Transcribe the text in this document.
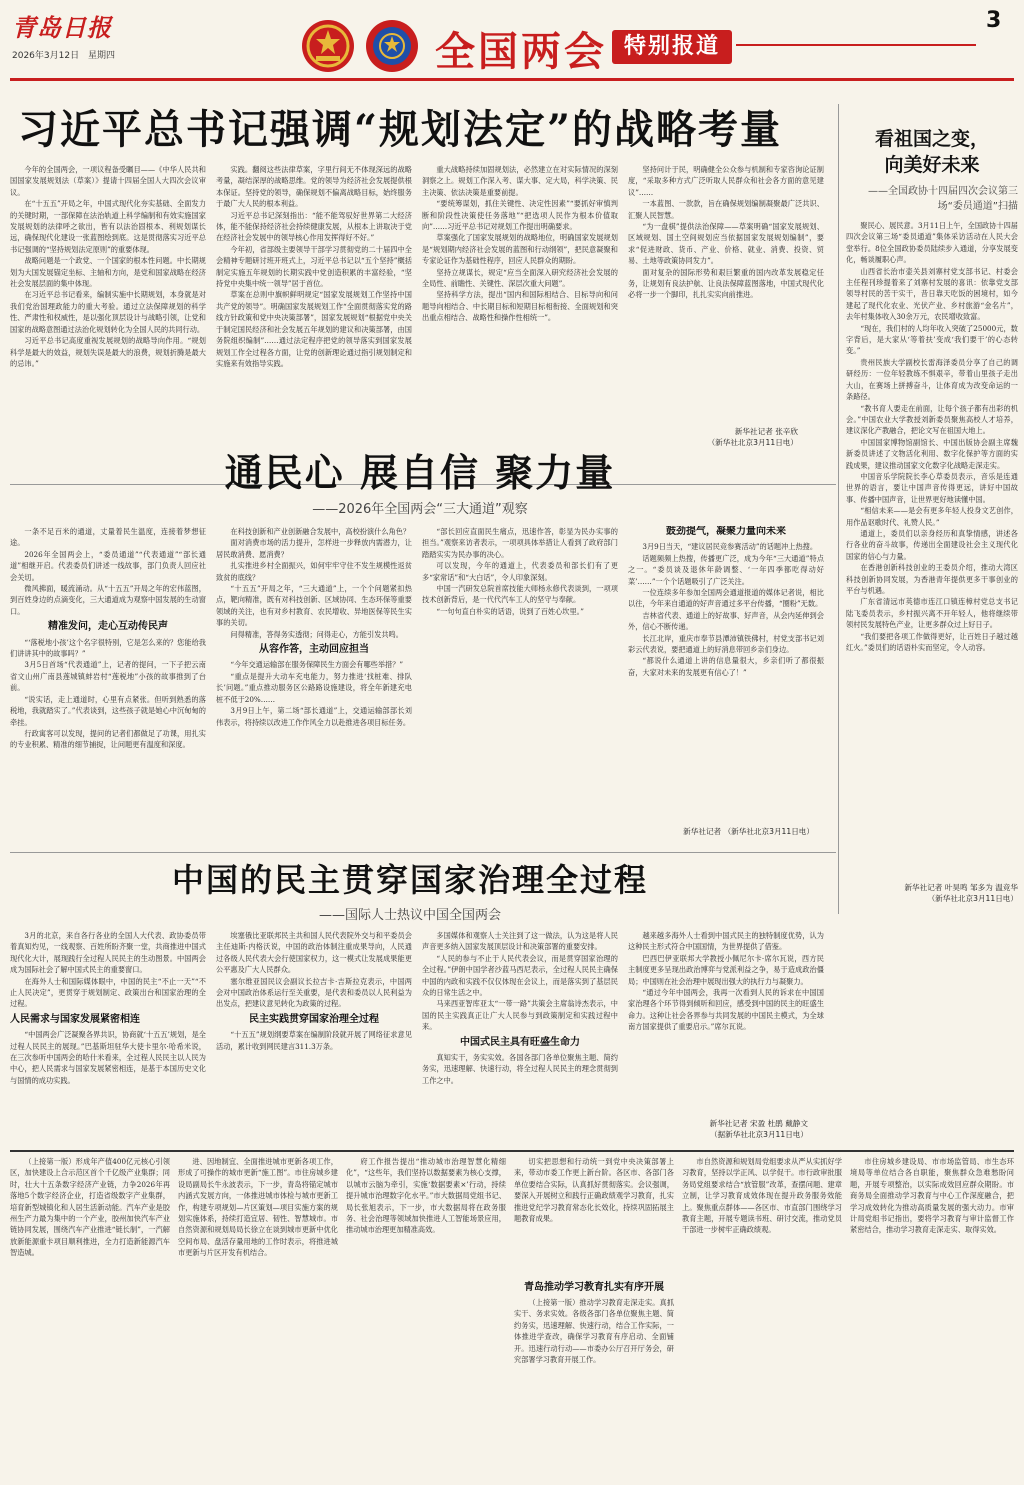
青岛日报
2026年3月12日 星期四	全国两会 特别报道
3
习近平总书记强调“规划法定”的战略考量

今年的全国两会，一项议程备受瞩目——《中华人民共和国国家发展规划法（草案）》提请十四届全国人大四次会议审议。

在“十五五”开局之年，中国式现代化夯实基础、全面发力的关键时期，一部保障在法治轨道上科学编制和有效实施国家发展规划的法律呼之欲出，皆有以法治固根本、利规划谋长远，确保现代化建设一张蓝图绘到底。这是贯彻落实习近平总书记强调的“坚持规划法定原则”的重要体现。

战略问题是一个政党、一个国家的根本性问题。中长期规划为大国发展锚定坐标、主轴和方向，是党和国家战略在经济社会发展层面的集中体现。

在习近平总书记看来，编制实施中长期规划，本身就是对我们党治国理政能力的重大考验。通过立法保障规划的科学性、严肃性和权威性，是以强化顶层设计与战略引领，让党和国家的战略意图通过法治化规划转化为全国人民的共同行动。

习近平总书记高度重视发展规划的战略导向作用。“规划科学是最大的效益，规划失误是最大的浪费，规划折腾是最大的忌讳。”

实践。翻阅这些法律草案，字里行间无不体现深远的战略考量，凝结深厚的战略思维。党的领导为经济社会发展提供根本保证。坚持党的领导，确保规划不偏离战略目标，始终服务于最广大人民的根本利益。

习近平总书记深刻指出：“能不能驾驭好世界第二大经济体，能不能保持经济社会持续健康发展，从根本上讲取决于党在经济社会发展中的领导核心作用发挥得好不好。”

今年初，省部级主要领导干部学习贯彻党的二十届四中全会精神专题研讨班开班式上，习近平总书记以“五个坚持”概括制定实施五年规划的长期实践中党创造积累的丰富经验，“坚持党中央集中统一领导”居于首位。

草案在总则中旗帜鲜明规定“国家发展规划工作坚持中国共产党的领导”。明确国家发展规划工作“全面贯彻落实党的路线方针政策和党中央决策部署”，国家发展规划“根据党中央关于制定国民经济和社会发展五年规划的建议和决策部署，由国务院组织编制”……通过法定程序把党的领导落实到国家发展规划工作全过程各方面，让党的创新理论通过指引规划制定和实施来有效指导实践。

重大战略持续加固规划法，必然建立在对实际情况的深刻洞察之上。规划工作深入考、谋大事、定大局，科学决策、民主决策、依法决策是重要前提。

“要统筹谋划，抓住关键性、决定性因素”“要抓好审慎判断和阶段性决策使任务落地”“把选项人民作为根本价值取向”……习近平总书记对规划工作提出明确要求。

草案强化了国家发展规划的战略地位，明确国家发展规划是“规划期内经济社会发展的蓝图和行动纲领”，把民意凝聚和专家论证作为基础性程序，回应人民群众的期盼。

坚持立规谋长，规定“应当全面深入研究经济社会发展的全局性、前瞻性、关键性、深层次重大问题”。

坚持科学方法，提出“国内和国际相结合、目标导向和问题导向相结合、中长期目标和短期目标相衔接、全面规划和突出重点相结合、战略性和操作性相统一”。

坚持问计于民，明确健全公众参与机制和专家咨询论证制度，“采取多种方式广泛听取人民群众和社会各方面的意见建议”……

一本蓝图、一款款，旨在确保规划编制凝聚最广泛共识、汇聚人民智慧。

“为一盘棋”提供法治保障——草案明确“国家发展规划、区域规划、国土空间规划应当依据国家发展规划编制”，要求“促进财政、货币、产业、价格、就业、消费、投资、贸易、土地等政策协同发力”。

面对复杂的国际形势和艰巨繁重的国内改革发展稳定任务，让规划有良法护航、让良法保障蓝图落地，中国式现代化必将一步一个脚印，扎扎实实向前推进。

新华社记者 张辛欣
（新华社北京3月11日电）
看祖国之变，
向美好未来
——全国政协十四届四次会议第三场“委员通道”扫描

聚民心、展民意。3月11日上午，全国政协十四届四次会议第三场“委员通道”集体采访活动在人民大会堂举行。8位全国政协委员陆续步入通道，分享发展变化，畅谈履职心声。

山西省长治市壶关县刘寨村党支部书记、村委会主任程刊珍提着来了刘寨村发展的喜讯：依靠党支部领导村民的苦干实干，昔日靠天吃饭的困境村，如今建起了现代化农业、光伏产业、乡村旅游“金名片”，去年村集体收入30余万元，农民增收致富。

“现在，我们村的人均年收入突破了25000元，数字背后，是大家从‘等着扶’变成‘我们要干’的心态转变。”

贵州民族大学副校长雷海泽委员分享了自己的调研经历：一位年轻教练不惧艰辛，带着山里孩子走出大山，在赛场上拼搏奋斗，让体育成为改变命运的一条路径。

“教书育人要走在前面，让每个孩子都有出彩的机会。”中国农业大学教授刘新委员聚焦高校人才培养，建议深化产教融合，把论文写在祖国大地上。

中国国家博物馆副馆长、中国出版协会副主席魏新委员讲述了文物活化利用、数字化保护等方面的实践成果，建议推动国家文化数字化战略走深走实。

中国音乐学院院长李心草委员表示，音乐是连通世界的语言，要让中国声音传得更远，讲好中国故事、传播中国声音，让世界更好地读懂中国。

“相信未来——是会有更多年轻人投身文艺创作，用作品讴歌时代、礼赞人民。”

通道上，委员们以亲身经历和真挚情感，讲述各行各业的奋斗故事，传递出全面建设社会主义现代化国家的信心与力量。

在香港创新科技创业的王委员介绍，推动大湾区科技创新协同发展，为香港青年提供更多干事创业的平台与机遇。

广东省清远市英德市连江口镇连樟村党总支书记陆飞委员表示，乡村振兴离不开年轻人，他将继续带领村民发展特色产业，让更多群众过上好日子。

“我们要把各项工作做得更好，让百姓日子越过越红火。”委员们的话语朴实而坚定，令人动容。

新华社记者 叶昊鸣 邹多为 温竞华
（新华社北京3月11日电）
通民心 展自信 聚力量
——2026年全国两会“三大通道”观察

一条不足百米的通道，丈量着民生温度，连接着梦想征途。

2026年全国两会上，“委员通道”“代表通道”“部长通道”相继开启。代表委员们讲述一线故事，部门负责人回应社会关切。

微风拂面，暖流涌动。从“十五五”开局之年的宏伟蓝图，到百姓身边的点滴变化，三大通道成为观察中国发展的生动窗口。

精准发问，走心互动传民声

“‘落税地小孩’这个名字很特别，它是怎么来的？您能给我们讲讲其中的故事吗？”

3月5日首场“代表通道”上，记者的提问，一下子把云南省文山州广南县莲城镇蚌岩村“莲税地”小孩的故事推到了台前。

“说实话，走上通道时，心里有点紧张。但听到熟悉的落税地，我就踏实了。”代表谈到，这些孩子就是她心中沉甸甸的牵挂。

行政寓客可以发现，提问的记者们都做足了功课，用扎实的专业积累、精准的细节捕捉，让问题更有温度和深度。

在科技创新和产业创新融合发展中，高校扮演什么角色？

面对消费市场的活力提升，怎样进一步释放内需潜力，让居民敢消费、愿消费？

扎实推进乡村全面振兴，如何牢牢守住不发生规模性返贫致贫的底线？

“十五五”开局之年，“三大通道”上，一个个问题紧扣热点，靶向精准，既有对科技创新、区域协同、生态环保等重要领域的关注，也有对乡村教育、农民增收、异地医保等民生实事的关切。

问得精准，答得务实透彻；问得走心，方能引发共鸣。

从容作答，主动回应担当

“今年交通运输部在服务保障民生方面会有哪些举措？”

“重点是提升大动车充电能力，努力推进‘找桩难、排队长’问题。”重点推动服务区公路路设施建设，将全年新建充电桩不低于20%……

3月9日上午，第二场“部长通道”上，交通运输部部长刘伟表示，将持续以改进工作作风全力以赴推进各项目标任务。

“部长回应直面民生痛点，迅速作答，彰显为民办实事的担当。”观察来访者表示，一项项具体举措让人看到了政府部门踏踏实实为民办事的决心。

可以发现，今年的通道上，代表委员和部长们有了更多“家常话”和“大白话”，令人印象深刻。

中国一汽研发总院首席技能大师杨永修代表谈到，一项项技术创新背后，是一代代汽车工人的坚守与奉献。

“一句句直白朴实的话语，说到了百姓心坎里。”

鼓劲提气，凝聚力量向未来

3月9日当天，“建议居民竞参赛活动”的话题冲上热搜。

话题频频上热搜，传播更广泛，成为今年“三大通道”特点之一。“委员谈及退休年龄调整、‘一年四季都吃得动好菜’……”一个个话题吸引了广泛关注。

一位连续多年参加全国两会通道报道的媒体记者说，相比以往，今年来自通道的好声音通过多平台传播，“圈粉”无数。

吉林省代表、通道上的好故事、好声音，从会内延伸到会外，信心不断传递。

长江北岸，重庆市奉节县潭沛镇铁佛村，村党支部书记刘彩云代表说，要把通道上的好消息带回乡亲们身边。

“都说什么通道上讲的信息量很大，乡亲们听了都很振奋，大家对未来的发展更有信心了！”

新华社记者 （新华社北京3月11日电）
中国的民主贯穿国家治理全过程
——国际人士热议中国全国两会

3月的北京，来自各行各业的全国人大代表、政协委员带着真知灼见，一线观察、百姓所盼齐聚一堂，共商推进中国式现代化大计，展现践行全过程人民民主的生动图景。中国两会成为国际社会了解中国式民主的重要窗口。

在海外人士和国际媒体眼中，中国的民主“不止一天”“不止人民决定”，更贯穿于规划制定、政策出台和国家治理的全过程。

人民需求与国家发展紧密相连

“中国两会广泛凝聚各界共识，协商就‘十五五’规划，是全过程人民民主的展现。”巴基斯坦驻华大使卡里尔·哈希米说，在三次参听中国两会的哈什米看来，全过程人民民主以人民为中心，把人民需求与国家发展紧密相连，是基于本国历史文化与国情的成功实践。

埃塞俄比亚联邦民主共和国人民代表院外交与和平委员会主任迪斯·内格沃说，中国的政治体制注重成果导向，人民通过各级人民代表大会行使国家权力，这一模式让发展成果能更公平惠及广大人民群众。

塞尔维亚国民议会副议长拉吉卡·吉斯拉克表示，中国两会对中国政治体系运行至关重要，是代表和委员以人民利益为出发点，把建议意见转化为政策的过程。

民主实践贯穿国家治理全过程

“十五五”规划纲要草案在编制阶段就开展了网络征求意见活动，累计收到网民建言311.3万条。

多国媒体和观察人士关注到了这一做法，认为这是将人民声音更多纳入国家发展顶层设计和决策部署的重要安排。

“人民的参与不止于人民代表会议，而是贯穿国家治理的全过程。”伊朗中国学者沙蓝马西尼表示，全过程人民民主确保中国的内政和实践不仅仅体现在会议上，而是落实到了基层民众的日常生活之中。

马来西亚智库亚太“一带一路”共策会主席翁诗杰表示，中国的民主实践真正让广大人民参与到政策制定和实践过程中来。

中国式民主具有旺盛生命力

真知实干，务实实效。各国各部门各单位聚焦主题、简约务实，迅速理解、快速行动，将全过程人民民主的理念贯彻到工作之中。

越来越多海外人士看到中国式民主的独特制度优势，认为这种民主形式符合中国国情，为世界提供了借鉴。

巴西巴伊亚联邦大学教授小佩尼尔卡·席尔瓦说，西方民主制度更多呈现出政治博弈与党派利益之争，易于造成政治僵局；中国则在社会治理中展现出强大的执行力与凝聚力。

“通过今年中国两会，我再一次看到人民的诉求在中国国家治理各个环节得到倾听和回应，感受到中国的民主的旺盛生命力。这种让社会各界参与共同发展的中国民主模式，为全球南方国家提供了重要启示。”席尔瓦说。

新华社记者 宋盈 杜鹃 戴静文
（据新华社北京3月11日电）
（上接第一版）形成年产值400亿元核心引领区，加快建设上合示范区首个千亿级产业集群；同时，壮大十五条数字经济产业链，力争2026年再落地5个数字经济企业，打造省级数字产业集群，培育新型城镇化和人居生活新动能。汽车产业是胶州生产力最为集中的一个产业，胶州加快汽车产业链协同发展，围绕汽车产业推进“链长制”，一汽解放新能源重卡项目顺利推进，全力打造新能源汽车智造城。
进、因地制宜、全面推进城市更新各项工作，形成了可操作的城市更新“施工图”。市住房城乡建设局副局长牛永波表示，下一步，青岛将锚定城市内涵式发展方向，一体推进城市体检与城市更新工作，构建专项规划—片区策划—项目实施方案的规划实施体系，持续打造宜居、韧性、智慧城市。市自然资源和规划局局长徐立在谈到城市更新中优化空间布局、盘活存量用地的工作时表示，将推进城市更新与片区开发有机结合。
府工作报告提出“推动城市治理智慧化精细化”，“这些年，我们坚持以数据要素为核心支撑，以城市云脑为牵引，实施‘数据要素×’行动，持续提升城市治理数字化水平。”市大数据局党组书记、局长张旭表示，下一步，市大数据局将在政务服务、社会治理等领域加快推进人工智能场景应用，推动城市治理更加精准高效。
切实把思想和行动统一到党中央决策部署上来，带动市委工作更上新台阶。各区市、各部门各单位要结合实际，认真抓好贯彻落实。会议强调，要深入开展树立和践行正确政绩观学习教育，扎实推进党纪学习教育常态化长效化，持续巩固拓展主题教育成果。
青岛推动学习教育扎实有序开展
（上接第一版）推动学习教育走深走实。真抓实干、务求实效。各级各部门各单位聚焦主题、简约务实，迅速理解、快速行动，结合工作实际，一体推进学查改，确保学习教育有序启动、全面铺开。迅速行动行动——市委办公厅召开厅务会，研究部署学习教育开展工作。
市自然资源和规划局党组要求从严从实抓好学习教育，坚持以学正风、以学促干。市行政审批服务局党组要求结合“放管服”改革，查摆问题、建章立制，让学习教育成效体现在提升政务服务效能上。聚焦重点群体——各区市、市直部门围绕学习教育主题，开展专题读书班、研讨交流，推动党员干部进一步树牢正确政绩观。
市住房城乡建设局、市市场监管局、市生态环境局等单位结合各自职能，聚焦群众急难愁盼问题，开展专项整治，以实际成效回应群众期盼。市商务局全面推动学习教育与中心工作深度融合，把学习成效转化为推动高质量发展的强大动力。市审计局党组书记指出，要将学习教育与审计监督工作紧密结合，推动学习教育走深走实、取得实效。
